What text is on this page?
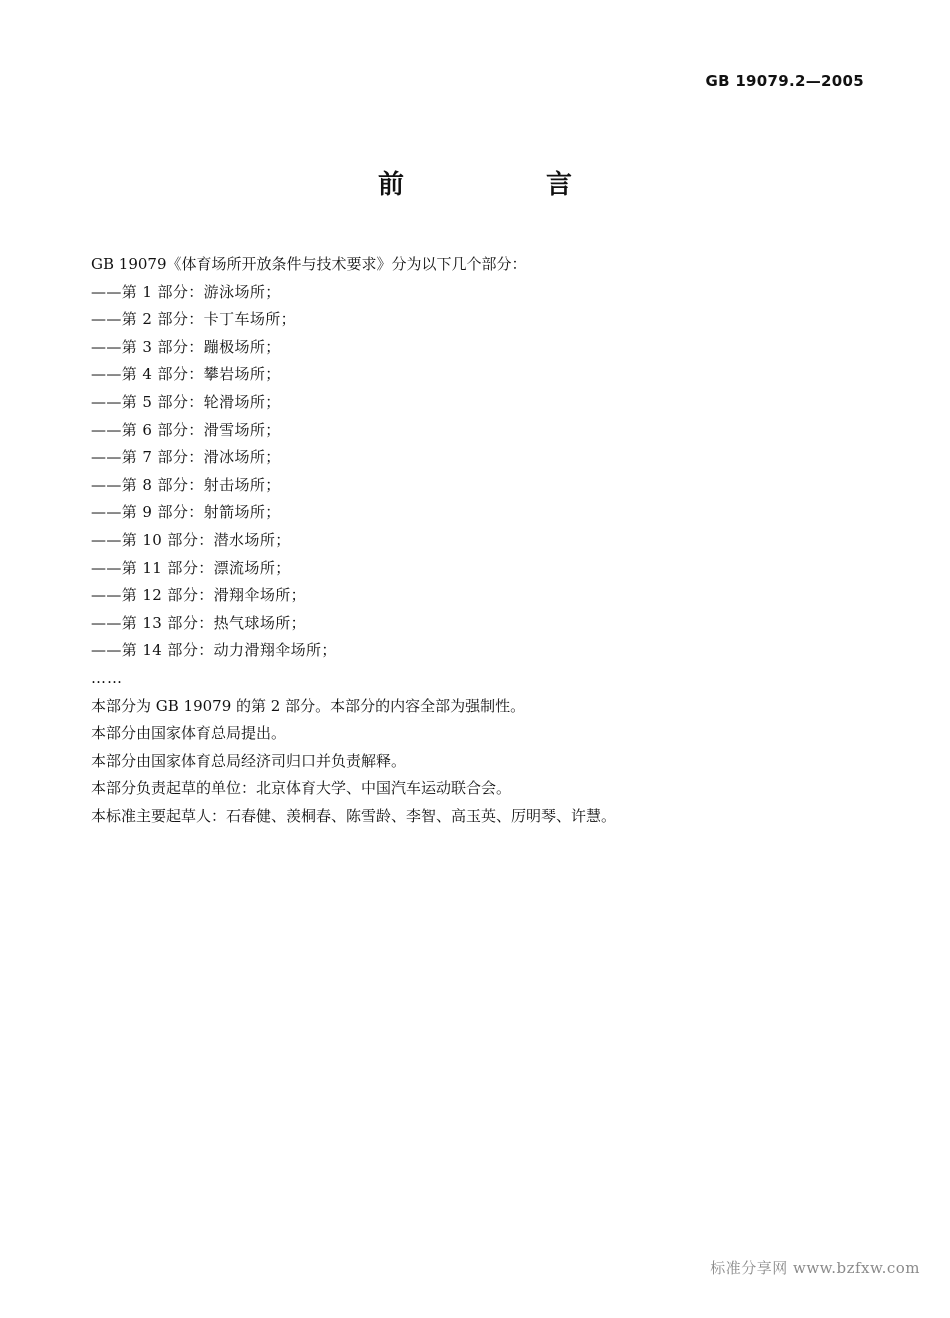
GB 19079.2—2005
前　言
GB 19079《体育场所开放条件与技术要求》分为以下几个部分：
——第 1 部分：游泳场所；
——第 2 部分：卡丁车场所；
——第 3 部分：蹦极场所；
——第 4 部分：攀岩场所；
——第 5 部分：轮滑场所；
——第 6 部分：滑雪场所；
——第 7 部分：滑冰场所；
——第 8 部分：射击场所；
——第 9 部分：射箭场所；
——第 10 部分：潜水场所；
——第 11 部分：漂流场所；
——第 12 部分：滑翔伞场所；
——第 13 部分：热气球场所；
——第 14 部分：动力滑翔伞场所；
……
本部分为 GB 19079 的第 2 部分。本部分的内容全部为强制性。
本部分由国家体育总局提出。
本部分由国家体育总局经济司归口并负责解释。
本部分负责起草的单位：北京体育大学、中国汽车运动联合会。
本标准主要起草人：石春健、羡桐春、陈雪龄、李智、高玉英、厉明琴、许慧。
标准分享网 www.bzfxw.com
